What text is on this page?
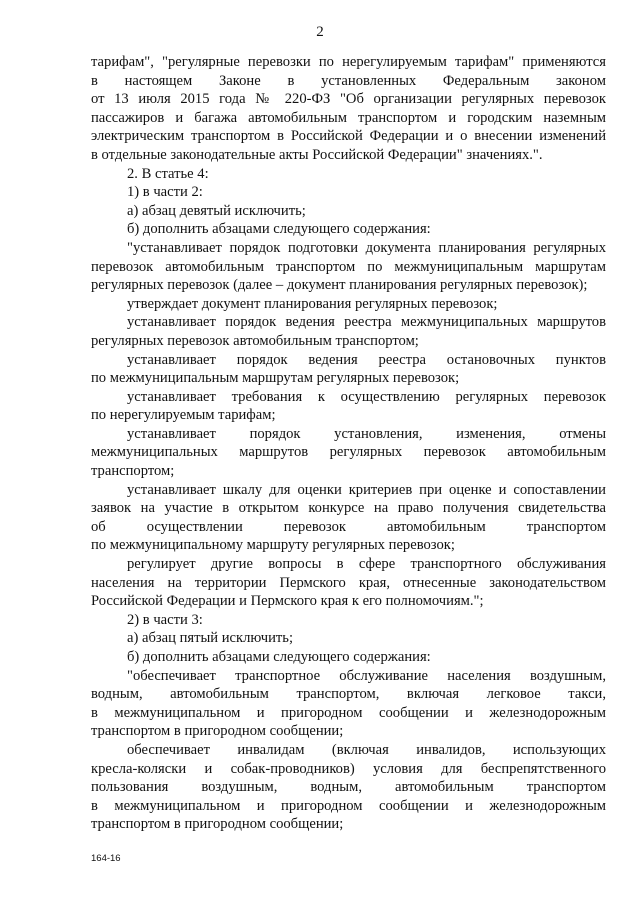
2
тарифам", "регулярные перевозки по нерегулируемым тарифам" применяются
в настоящем Законе в установленных Федеральным законом
от 13 июля 2015 года № 220-ФЗ "Об организации регулярных перевозок
пассажиров и багажа автомобильным транспортом и городским наземным
электрическим транспортом в Российской Федерации и о внесении изменений
в отдельные законодательные акты Российской Федерации" значениях.".
2. В статье 4:
1) в части 2:
а) абзац девятый исключить;
б) дополнить абзацами следующего содержания:
"устанавливает порядок подготовки документа планирования регулярных
перевозок автомобильным транспортом по межмуниципальным маршрутам
регулярных перевозок (далее – документ планирования регулярных перевозок);
утверждает документ планирования регулярных перевозок;
устанавливает порядок ведения реестра межмуниципальных маршрутов
регулярных перевозок автомобильным транспортом;
устанавливает порядок ведения реестра остановочных пунктов
по межмуниципальным маршрутам регулярных перевозок;
устанавливает требования к осуществлению регулярных перевозок
по нерегулируемым тарифам;
устанавливает порядок установления, изменения, отмены
межмуниципальных маршрутов регулярных перевозок автомобильным
транспортом;
устанавливает шкалу для оценки критериев при оценке и сопоставлении
заявок на участие в открытом конкурсе на право получения свидетельства
об осуществлении перевозок автомобильным транспортом
по межмуниципальному маршруту регулярных перевозок;
регулирует другие вопросы в сфере транспортного обслуживания
населения на территории Пермского края, отнесенные законодательством
Российской Федерации и Пермского края к его полномочиям.";
2) в части 3:
а) абзац пятый исключить;
б) дополнить абзацами следующего содержания:
"обеспечивает транспортное обслуживание населения воздушным,
водным, автомобильным транспортом, включая легковое такси,
в межмуниципальном и пригородном сообщении и железнодорожным
транспортом в пригородном сообщении;
обеспечивает инвалидам (включая инвалидов, использующих
кресла-коляски и собак-проводников) условия для беспрепятственного
пользования воздушным, водным, автомобильным транспортом
в межмуниципальном и пригородном сообщении и железнодорожным
транспортом в пригородном сообщении;
164-16
